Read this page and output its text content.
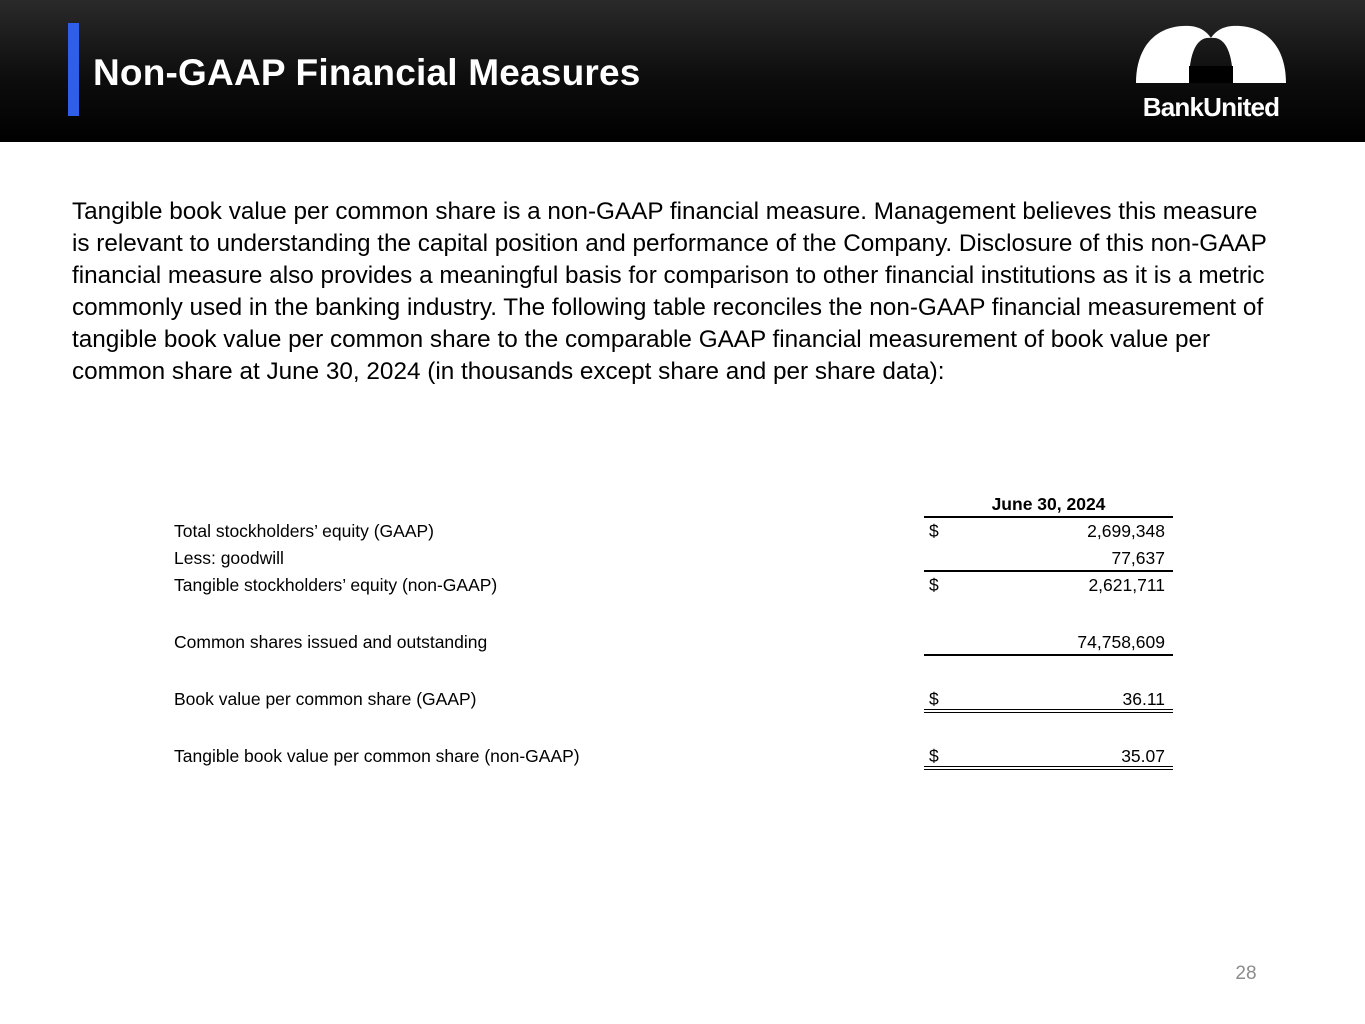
Non-GAAP Financial Measures
BankUnited

Tangible book value per common share is a non-GAAP financial measure. Management believes this measure is relevant to understanding the capital position and performance of the Company. Disclosure of this non-GAAP financial measure also provides a meaningful basis for comparison to other financial institutions as it is a metric commonly used in the banking industry. The following table reconciles the non-GAAP financial measurement of tangible book value per common share to the comparable GAAP financial measurement of book value per common share at June 30, 2024 (in thousands except share and per share data):

June 30, 2024
Total stockholders’ equity (GAAP)	$	2,699,348
Less: goodwill	77,637
Tangible stockholders’ equity (non-GAAP)	$	2,621,711
Common shares issued and outstanding	74,758,609
Book value per common share (GAAP)	$	36.11
Tangible book value per common share (non-GAAP)	$	35.07
28
